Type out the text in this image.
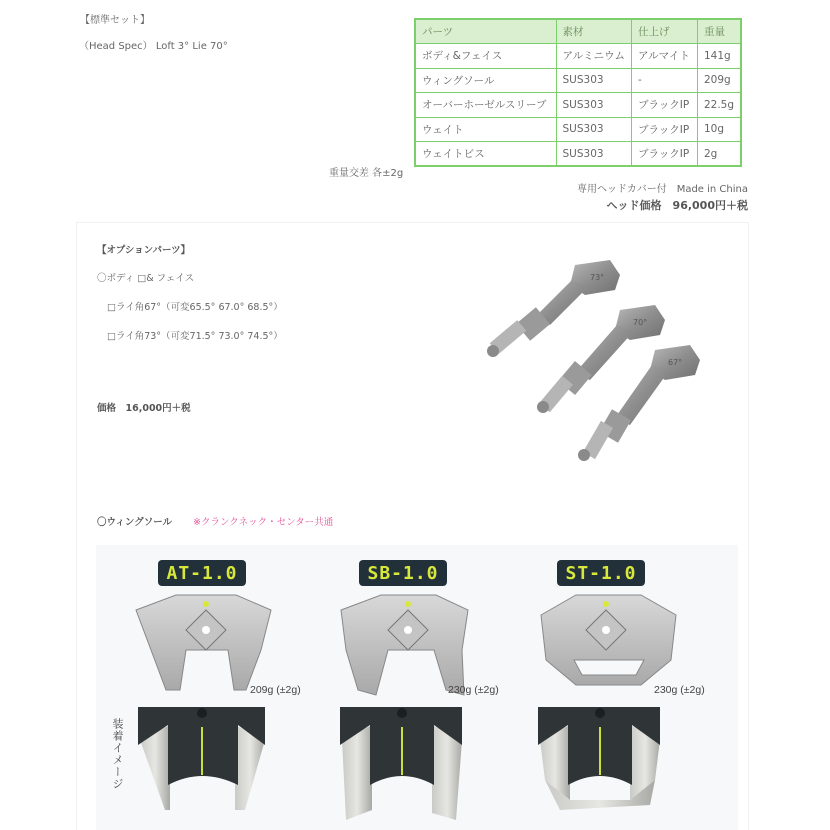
【標準セット】
（Head Spec） Loft 3° Lie 70°
パーツ	素材	仕上げ	重量
ボディ&フェイス	アルミニウム	アルマイト	141g
ウィングソール	SUS303	-	209g
オーバーホーゼルスリーブ	SUS303	ブラックIP	22.5g
ウェイト	SUS303	ブラックIP	10g
ウェイトビス	SUS303	ブラックIP	2g
重量交差 各±2g
専用ヘッドカバー付　Made in China
ヘッド価格　96,000円＋税
【オプションパーツ】
〇ボディ □& フェイス
□ライ角67°（可変65.5° 67.0° 68.5°）
□ライ角73°（可変71.5° 73.0° 74.5°）
価格　16,000円＋税
73°
70°
67°
〇ウィングソール ※クランクネック・センター共通
AT-1.0	SB-1.0	ST-1.0
209g (±2g)	230g (±2g)	230g (±2g)
装着イメージ
